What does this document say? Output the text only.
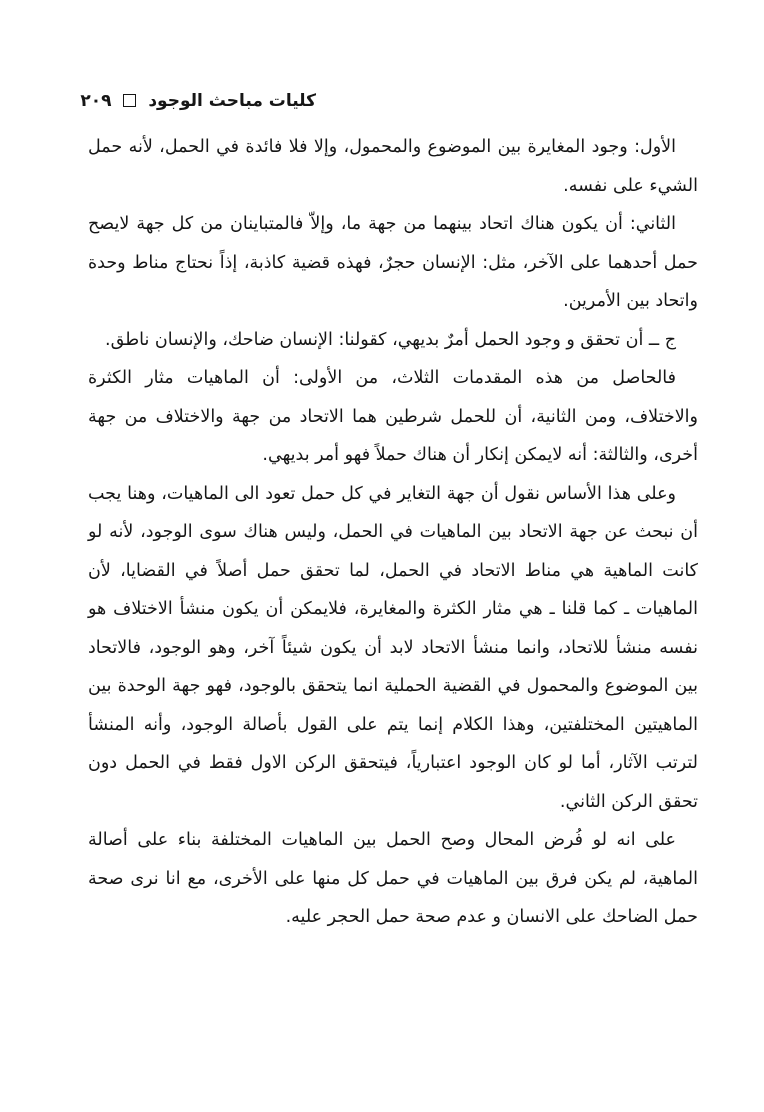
كليات مباحث الوجود  ٢٠٩

الأول: وجود المغايرة بين الموضوع والمحمول، وإلا فلا فائدة في الحمل، لأنه حمل الشيء على نفسه.

الثاني: أن يكون هناك اتحاد بينهما من جهة ما، وإلاّ فالمتباينان من كل جهة لايصح حمل أحدهما على الآخر، مثل: الإنسان حجرٌ، فهذه قضية كاذبة، إذاً نحتاج مناط وحدة واتحاد بين الأمرين.

ج ــ أن تحقق و وجود الحمل أمرٌ بديهي، كقولنا: الإنسان ضاحك، والإنسان ناطق.

فالحاصل من هذه المقدمات الثلاث، من الأولى: أن الماهيات مثار الكثرة والاختلاف، ومن الثانية، أن للحمل شرطين هما الاتحاد من جهة والاختلاف من جهة أخرى، والثالثة: أنه لايمكن إنكار أن هناك حملاً فهو أمر بديهي.

وعلى هذا الأساس نقول أن جهة التغاير في كل حمل تعود الى الماهيات، وهنا يجب أن نبحث عن جهة الاتحاد بين الماهيات في الحمل، وليس هناك سوى الوجود، لأنه لو كانت الماهية هي مناط الاتحاد في الحمل، لما تحقق حمل أصلاً في القضايا، لأن الماهيات ـ كما قلنا ـ هي مثار الكثرة والمغايرة، فلايمكن أن يكون منشأ الاختلاف هو نفسه منشأ للاتحاد، وانما منشأ الاتحاد لابد أن يكون شيئاً آخر، وهو الوجود، فالاتحاد بين الموضوع والمحمول في القضية الحملية انما يتحقق بالوجود، فهو جهة الوحدة بين الماهيتين المختلفتين، وهذا الكلام إنما يتم على القول بأصالة الوجود، وأنه المنشأ لترتب الآثار، أما لو كان الوجود اعتبارياً، فيتحقق الركن الاول فقط في الحمل دون تحقق الركن الثاني.

على انه لو فُرض المحال وصح الحمل بين الماهيات المختلفة بناء على أصالة الماهية، لم يكن فرق بين الماهيات في حمل كل منها على الأخرى، مع انا نرى صحة حمل الضاحك على الانسان و عدم صحة حمل الحجر عليه.
